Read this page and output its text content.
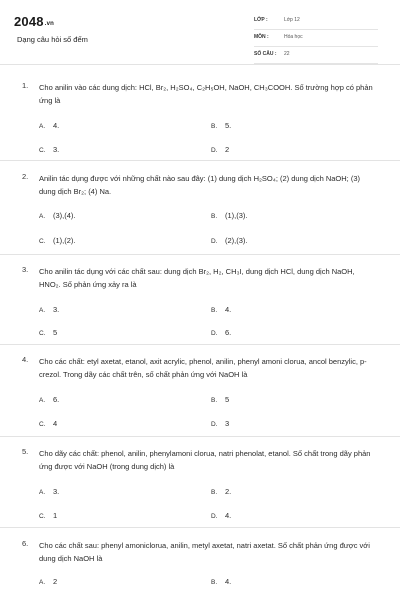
2048.vn
Dạng câu hỏi số đếm
LỚP :	Lớp 12
MÔN :	Hóa học
SỐ CÂU : 22
1. Cho anilin vào các dung dịch: HCl, Br₂, H₂SO₄, C₂H₅OH, NaOH, CH₃COOH. Số trường hợp có phản ứng là
A. 4.	B. 5.
C. 3.	D. 2
2. Anilin tác dụng được với những chất nào sau đây: (1) dung dịch H₂SO₄; (2) dung dịch NaOH; (3) dung dịch Br₂; (4) Na.
A. (3),(4).	B. (1),(3).
C. (1),(2).	D. (2),(3).
3. Cho anilin tác dụng với các chất sau: dung dịch Br₂, H₂, CH₃I, dung dịch HCl, dung dịch NaOH, HNO₂. Số phản ứng xảy ra là
A. 3.	B. 4.
C. 5	D. 6.
4. Cho các chất: etyl axetat, etanol, axit acrylic, phenol, anilin, phenyl amoni clorua, ancol benzylic, p-crezol. Trong dãy các chất trên, số chất phản ứng với NaOH là
A. 6.	B. 5
C. 4	D. 3
5. Cho dãy các chất: phenol, anilin, phenylamoni clorua, natri phenolat, etanol. Số chất trong dãy phản ứng được với NaOH (trong dung dịch) là
A. 3.	B. 2.
C. 1	D. 4.
6. Cho các chất sau: phenyl amoniclorua, anilin, metyl axetat, natri axetat. Số chất phản ứng được với dung dịch NaOH là
A. 2	B. 4.
